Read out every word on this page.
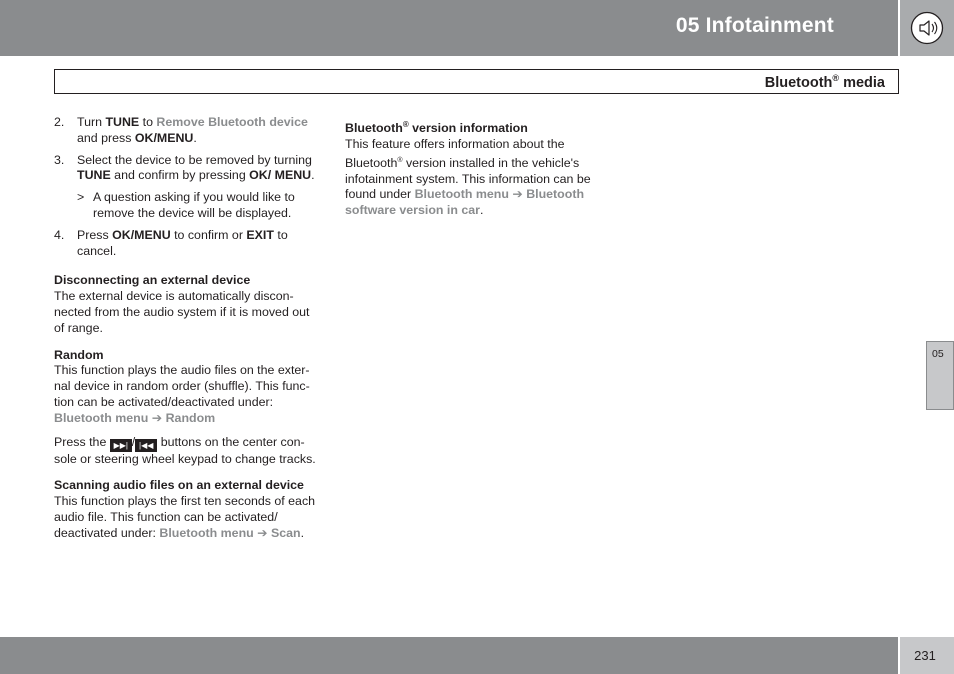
05 Infotainment
Bluetooth® media
2. Turn TUNE to Remove Bluetooth device and press OK/MENU.
3. Select the device to be removed by turning TUNE and confirm by pressing OK/ MENU.
> A question asking if you would like to remove the device will be displayed.
4. Press OK/MENU to confirm or EXIT to cancel.
Disconnecting an external device
The external device is automatically discon-nected from the audio system if it is moved out of range.
Random
This function plays the audio files on the exter-nal device in random order (shuffle). This func-tion can be activated/deactivated under:
Bluetooth menu ➔ Random
Press the ▶▶| / |◀◀ buttons on the center con-sole or steering wheel keypad to change tracks.
Scanning audio files on an external device
This function plays the first ten seconds of each audio file. This function can be activated/ deactivated under: Bluetooth menu ➔ Scan.
Bluetooth® version information
This feature offers information about the Bluetooth® version installed in the vehicle's infotainment system. This information can be found under Bluetooth menu ➔ Bluetooth software version in car.
05
231
